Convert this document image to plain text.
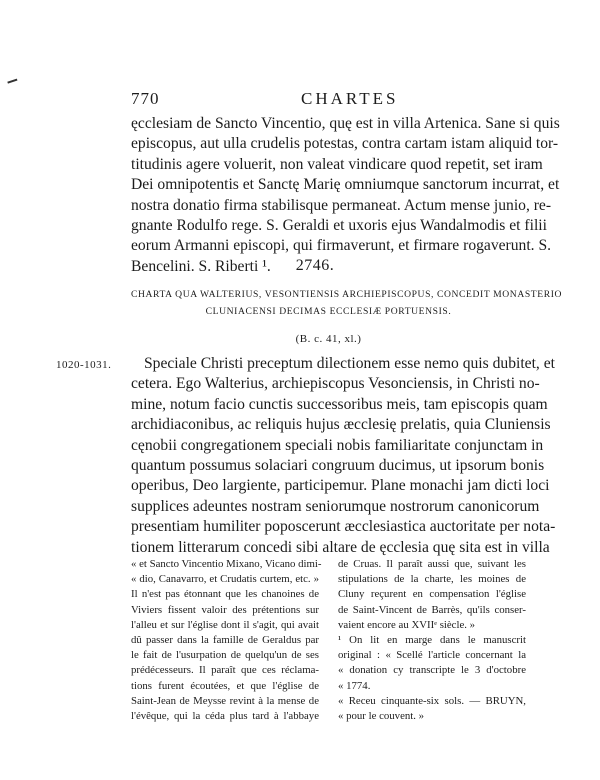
770	CHARTES
ęcclesiam de Sancto Vincentio, quę est in villa Artenica. Sane si quis
episcopus, aut ulla crudelis potestas, contra cartam istam aliquid tor-
titudinis agere voluerit, non valeat vindicare quod repetit, set iram
Dei omnipotentis et Sanctę Marię omniumque sanctorum incurrat, et
nostra donatio firma stabilisque permaneat. Actum mense junio, re-
gnante Rodulfo rege. S. Geraldi et uxoris ejus Wandalmodis et filii
eorum Armanni episcopi, qui firmaverunt, et firmare rogaverunt. S.
Bencelini. S. Riberti ¹.	2746.
CHARTA QUA WALTERIUS, VESONTIENSIS ARCHIEPISCOPUS, CONCEDIT MONASTERIO
CLUNIACENSI DECIMAS ECCLESIÆ PORTUENSIS.
(B. c. 41, xl.)
1020-1031.	Speciale Christi preceptum dilectionem esse nemo quis dubitet, et
cetera. Ego Walterius, archiepiscopus Vesonciensis, in Christi no-
mine, notum facio cunctis successoribus meis, tam episcopis quam
archidiaconibus, ac reliquis hujus æcclesię prelatis, quia Cluniensis
cęnobii congregationem speciali nobis familiaritate conjunctam in
quantum possumus solaciari congruum ducimus, ut ipsorum bonis
operibus, Deo largiente, participemur. Plane monachi jam dicti loci
supplices adeuntes nostram seniorumque nostrorum canonicorum
presentiam humiliter poposcerunt æcclesiastica auctoritate per nota-
tionem litterarum concedi sibi altare de ęcclesia quę sita est in villa
« et Sancto Vincentio Mixano, Vicano dimi-
« dio, Canavarro, et Crudatis curtem, etc. »
Il n'est pas étonnant que les chanoines de
Viviers fissent valoir des prétentions sur
l'alleu et sur l'église dont il s'agit, qui avait
dû passer dans la famille de Geraldus par
le fait de l'usurpation de quelqu'un de ses
prédécesseurs. Il paraît que ces réclama-
tions furent écoutées, et que l'église de
Saint-Jean de Meysse revint à la mense de
l'évêque, qui la céda plus tard à l'abbaye
de Cruas. Il paraît aussi que, suivant les
stipulations de la charte, les moines de
Cluny reçurent en compensation l'église
de Saint-Vincent de Barrès, qu'ils conser-
vaient encore au XVIIᵉ siècle. »
¹ On lit en marge dans le manuscrit
original : « Scellé l'article concernant la
« donation cy transcripte le 3 d'octobre
« 1774.
« Receu cinquante-six sols. — BRUYN,
« pour le couvent. »
